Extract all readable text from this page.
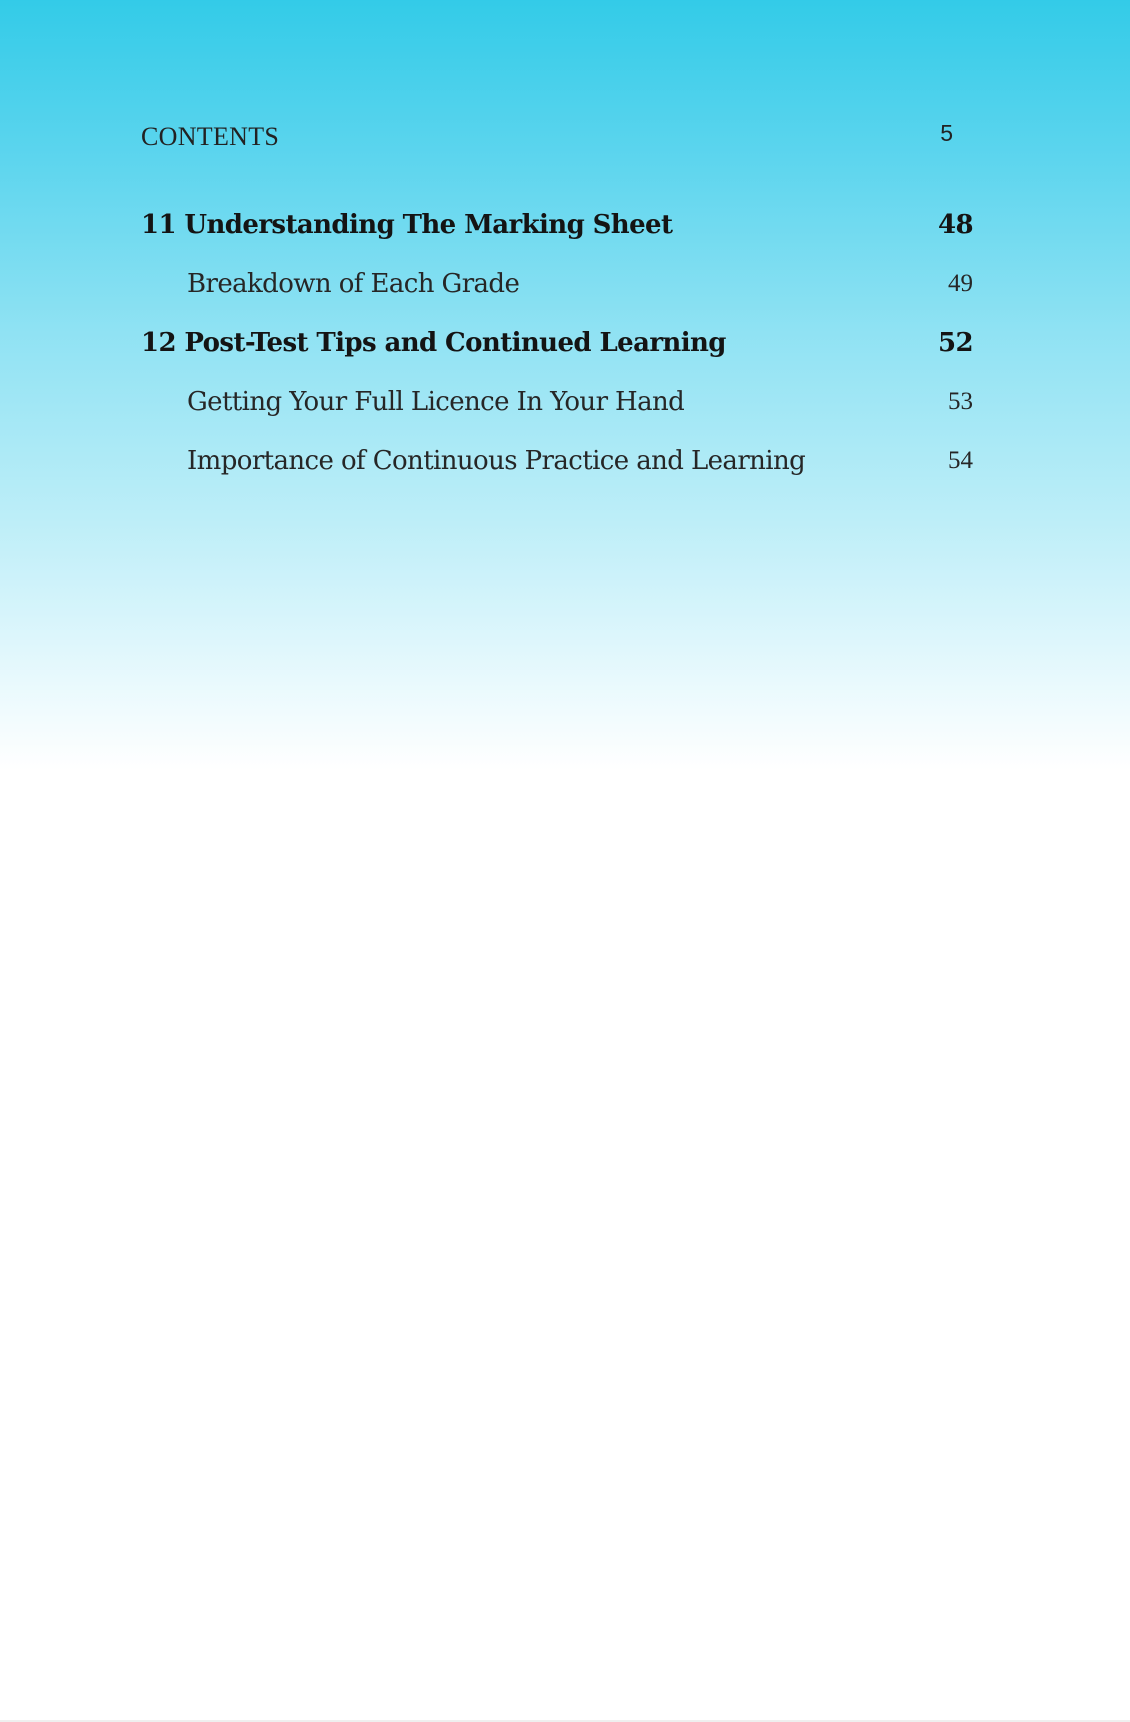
CONTENTS	5
11 Understanding The Marking Sheet	48
Breakdown of Each Grade	49
12 Post-Test Tips and Continued Learning	52
Getting Your Full Licence In Your Hand	53
Importance of Continuous Practice and Learning	54
